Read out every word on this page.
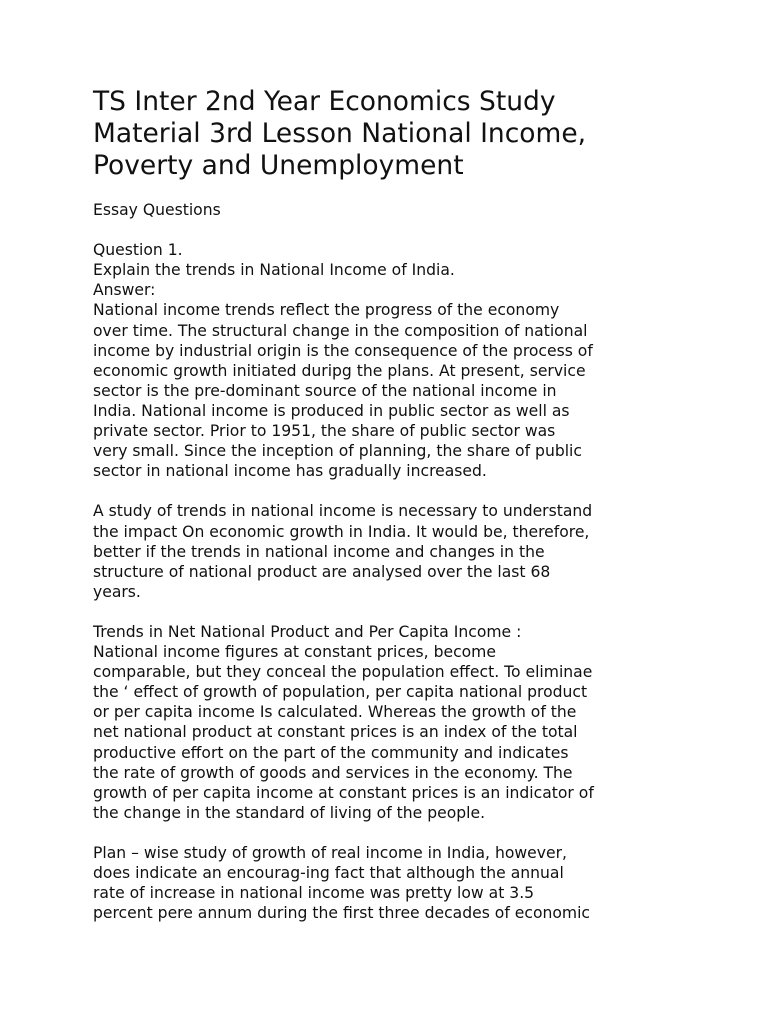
TS Inter 2nd Year Economics Study
Material 3rd Lesson National Income,
Poverty and Unemployment
Essay Questions
Question 1.
Explain the trends in National Income of India.
Answer:
National income trends reflect the progress of the economy
over time. The structural change in the composition of national
income by industrial origin is the consequence of the process of
economic growth initiated duripg the plans. At present, service
sector is the pre-dominant source of the national income in
India. National income is produced in public sector as well as
private sector. Prior to 1951, the share of public sector was
very small. Since the inception of planning, the share of public
sector in national income has gradually increased.
A study of trends in national income is necessary to understand
the impact On economic growth in India. It would be, therefore,
better if the trends in national income and changes in the
structure of national product are analysed over the last 68
years.
Trends in Net National Product and Per Capita Income :
National income figures at constant prices, become
comparable, but they conceal the population effect. To eliminae
the ‘ effect of growth of population, per capita national product
or per capita income Is calculated. Whereas the growth of the
net national product at constant prices is an index of the total
productive effort on the part of the community and indicates
the rate of growth of goods and services in the economy. The
growth of per capita income at constant prices is an indicator of
the change in the standard of living of the people.
Plan – wise study of growth of real income in India, however,
does indicate an encourag-ing fact that although the annual
rate of increase in national income was pretty low at 3.5
percent pere annum during the first three decades of economic
